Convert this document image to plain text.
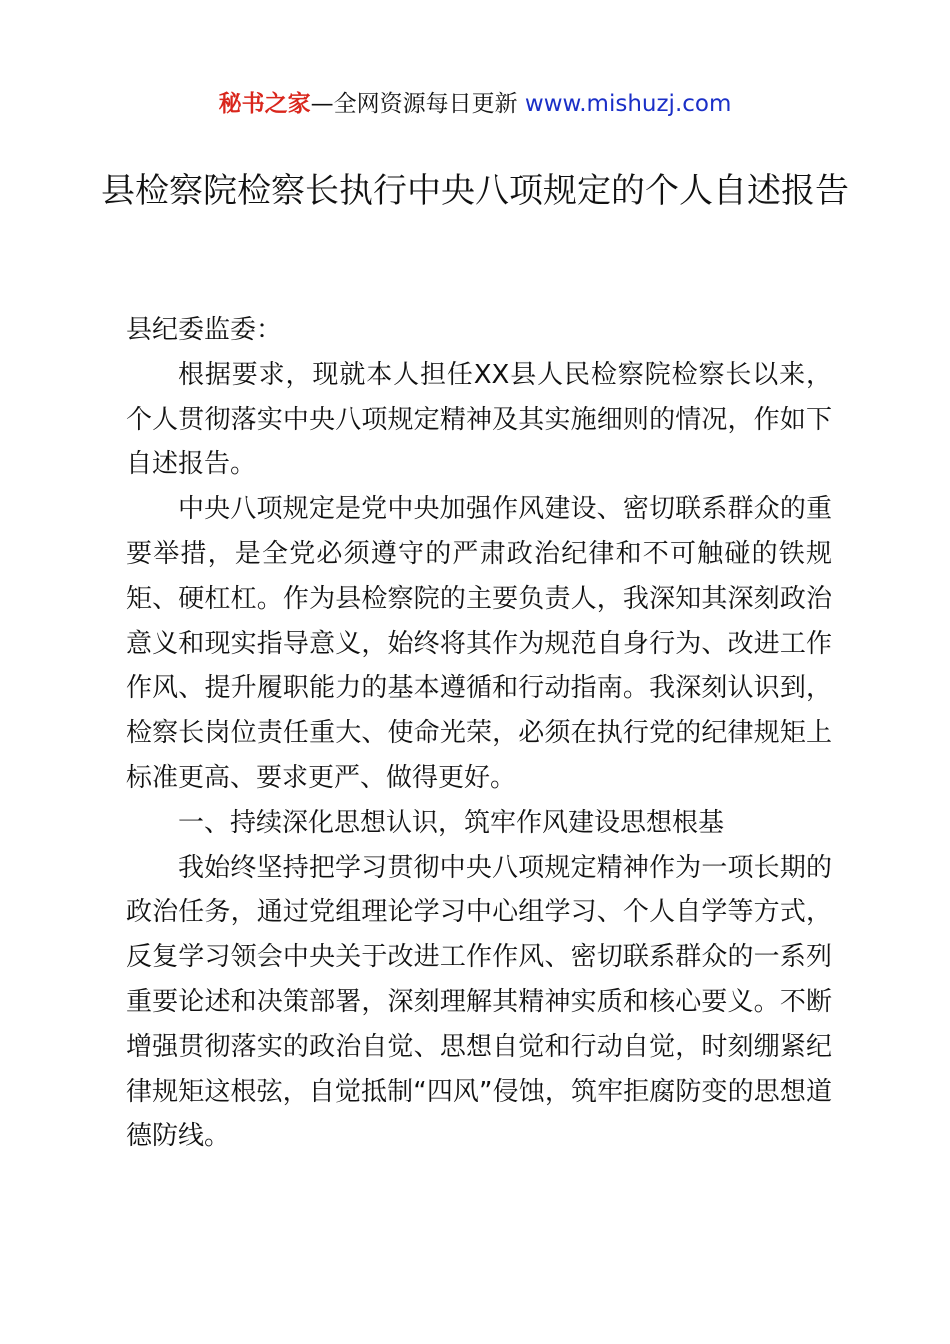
秘书之家—全网资源每日更新 www.mishuzj.com
县检察院检察长执行中央八项规定的个人自述报告

县纪委监委：

根据要求，现就本人担任XX县人民检察院检察长以来，个人贯彻落实中央八项规定精神及其实施细则的情况，作如下自述报告。

中央八项规定是党中央加强作风建设、密切联系群众的重要举措，是全党必须遵守的严肃政治纪律和不可触碰的铁规矩、硬杠杠。作为县检察院的主要负责人，我深知其深刻政治意义和现实指导意义，始终将其作为规范自身行为、改进工作作风、提升履职能力的基本遵循和行动指南。我深刻认识到，检察长岗位责任重大、使命光荣，必须在执行党的纪律规矩上标准更高、要求更严、做得更好。

一、持续深化思想认识，筑牢作风建设思想根基

我始终坚持把学习贯彻中央八项规定精神作为一项长期的政治任务，通过党组理论学习中心组学习、个人自学等方式，反复学习领会中央关于改进工作作风、密切联系群众的一系列重要论述和决策部署，深刻理解其精神实质和核心要义。不断增强贯彻落实的政治自觉、思想自觉和行动自觉，时刻绷紧纪律规矩这根弦，自觉抵制“四风”侵蚀，筑牢拒腐防变的思想道德防线。
